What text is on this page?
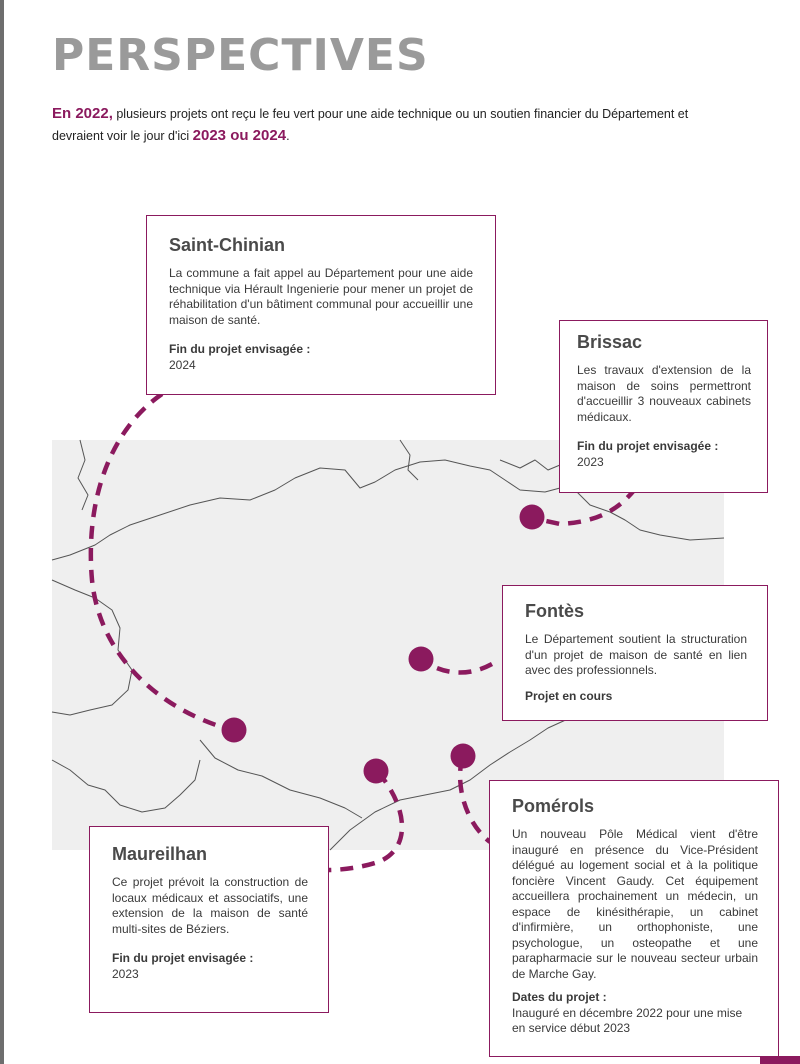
PERSPECTIVES
En 2022, plusieurs projets ont reçu le feu vert pour une aide technique ou un soutien financier du Département et devraient voir le jour d'ici 2023 ou 2024.
Saint-Chinian

La commune a fait appel au Département pour une aide technique via Hérault Ingenierie pour mener un projet de réhabilitation d'un bâtiment communal pour accueillir une maison de santé.

Fin du projet envisagée :

2024

Brissac

Les travaux d'extension de la maison de soins permettront d'accueillir 3 nouveaux cabinets médicaux.

Fin du projet envisagée :

2023

Fontès

Le Département soutient la structuration d'un projet de maison de santé en lien avec des professionnels.

Projet en cours

Pomérols

Un nouveau Pôle Médical vient d'être inauguré en présence du Vice-Président délégué au logement social et à la politique foncière Vincent Gaudy. Cet équipement accueillera prochainement un médecin, un espace de kinésithérapie, un cabinet d'infirmière, un orthophoniste, une psychologue, un osteopathe et une parapharmacie sur le nouveau secteur urbain de Marche Gay.

Dates du projet :

Inauguré en décembre 2022 pour une mise en service début 2023

Maureilhan

Ce projet prévoit la construction de locaux médicaux et associatifs, une extension de la maison de santé multi-sites de Béziers.

Fin du projet envisagée :

2023
